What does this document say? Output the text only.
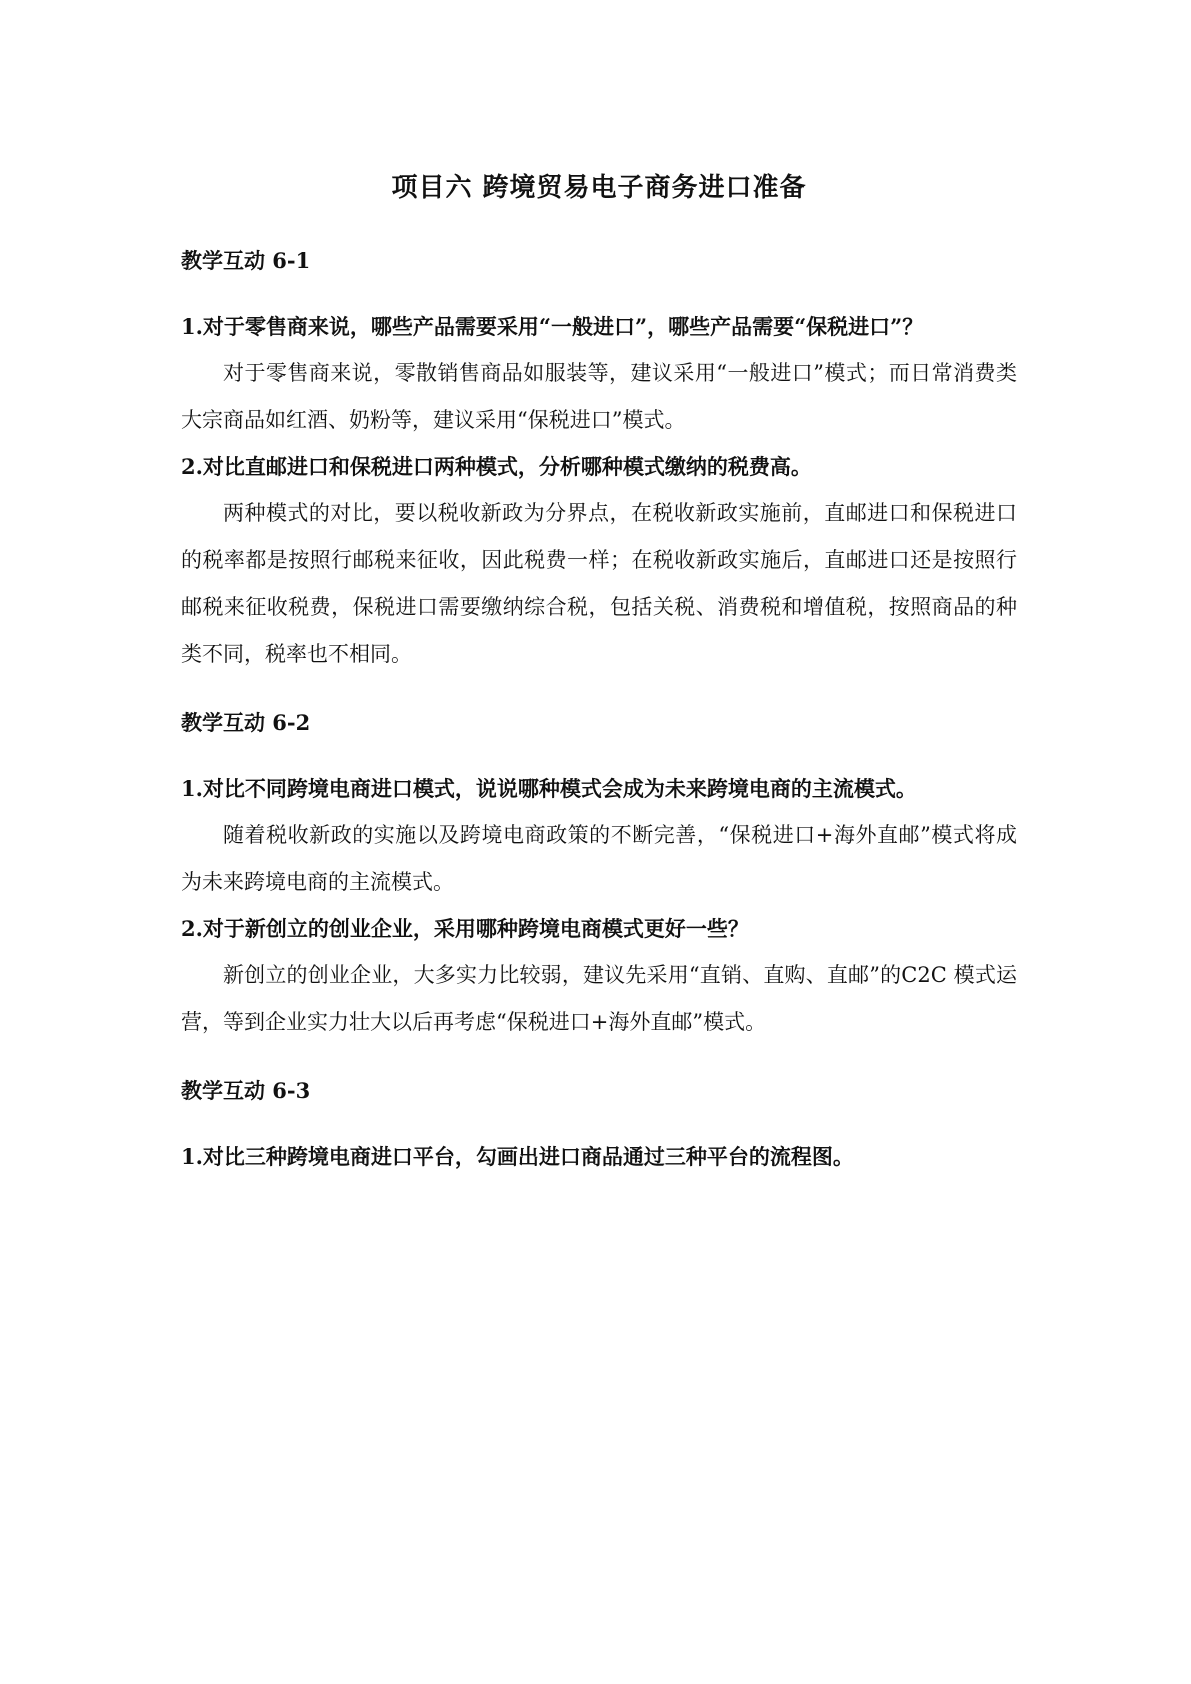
项目六 跨境贸易电子商务进口准备
教学互动 6-1

1.对于零售商来说，哪些产品需要采用“一般进口”，哪些产品需要“保税进口”？

对于零售商来说，零散销售商品如服装等，建议采用“一般进口”模式；而日常消费类大宗商品如红酒、奶粉等，建议采用“保税进口”模式。

2.对比直邮进口和保税进口两种模式，分析哪种模式缴纳的税费高。

两种模式的对比，要以税收新政为分界点，在税收新政实施前，直邮进口和保税进口的税率都是按照行邮税来征收，因此税费一样；在税收新政实施后，直邮进口还是按照行邮税来征收税费，保税进口需要缴纳综合税，包括关税、消费税和增值税，按照商品的种类不同，税率也不相同。

教学互动 6-2

1.对比不同跨境电商进口模式，说说哪种模式会成为未来跨境电商的主流模式。

随着税收新政的实施以及跨境电商政策的不断完善，“保税进口+海外直邮”模式将成为未来跨境电商的主流模式。

2.对于新创立的创业企业，采用哪种跨境电商模式更好一些？

新创立的创业企业，大多实力比较弱，建议先采用“直销、直购、直邮”的C2C 模式运营，等到企业实力壮大以后再考虑“保税进口+海外直邮”模式。

教学互动 6-3

1.对比三种跨境电商进口平台，勾画出进口商品通过三种平台的流程图。
